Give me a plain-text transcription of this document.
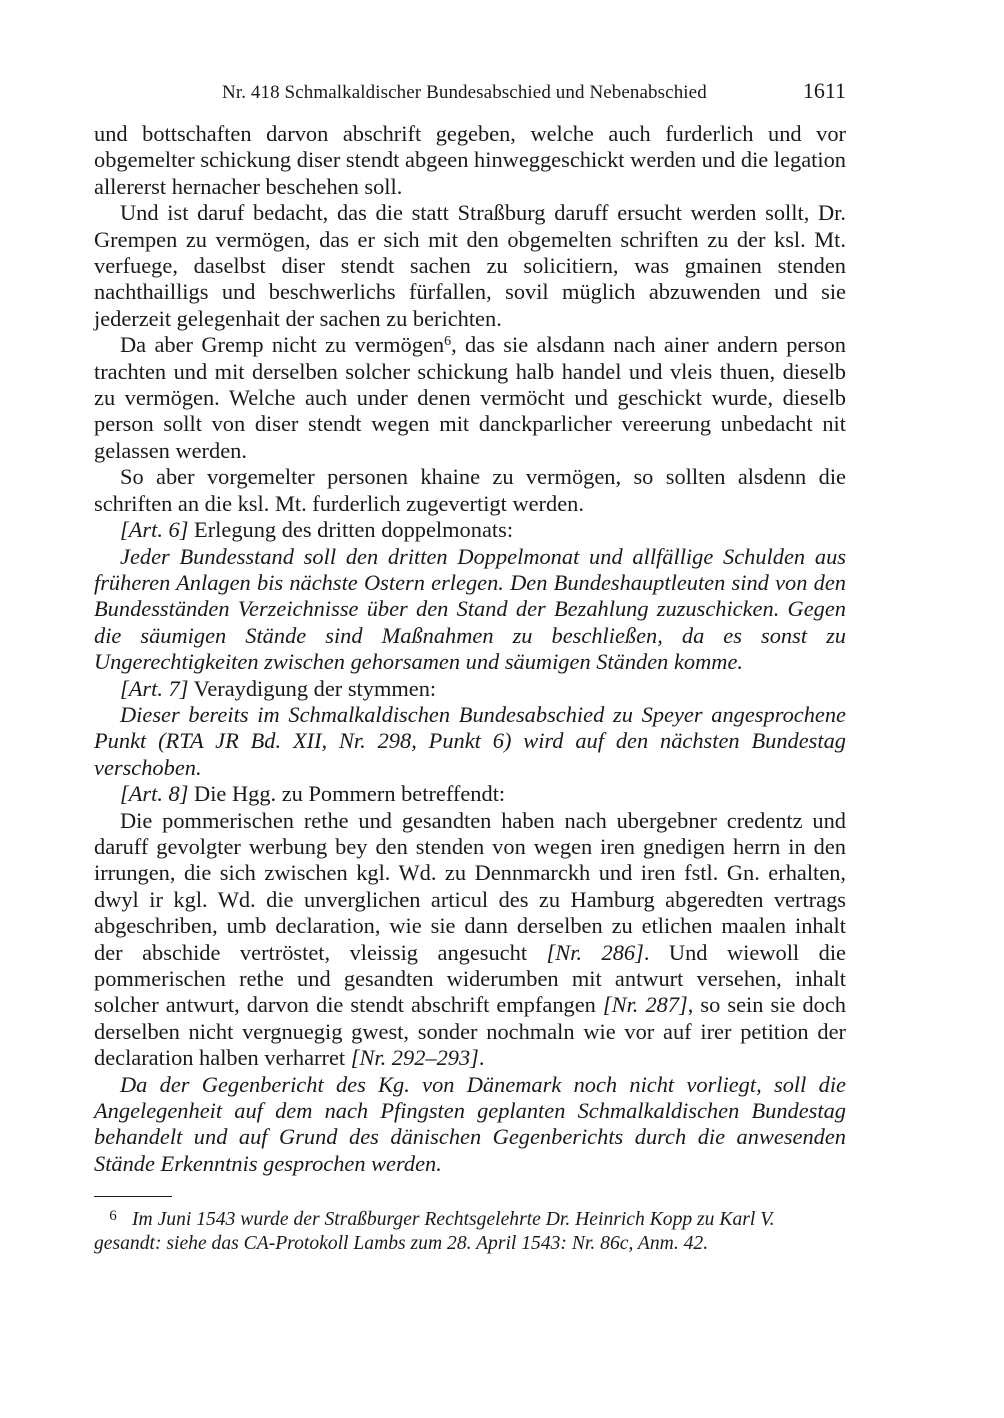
Nr. 418 Schmalkaldischer Bundesabschied und Nebenabschied	1611

und bottschaften darvon abschrift gegeben, welche auch furderlich und vor obgemelter schickung diser stendt abgeen hinweggeschickt werden und die legation allererst hernacher beschehen soll.

Und ist daruf bedacht, das die statt Straßburg daruff ersucht werden sollt, Dr. Grempen zu vermögen, das er sich mit den obgemelten schriften zu der ksl. Mt. verfuege, daselbst diser stendt sachen zu solicitiern, was gmainen stenden nachthailligs und beschwerlichs fürfallen, sovil müglich abzuwenden und sie jederzeit gelegenhait der sachen zu berichten.

Da aber Gremp nicht zu vermögen$^6$, das sie alsdann nach ainer andern person trachten und mit derselben solcher schickung halb handel und vleis thuen, dieselb zu vermögen. Welche auch under denen vermöcht und geschickt wurde, dieselb person sollt von diser stendt wegen mit danckparlicher vereerung unbedacht nit gelassen werden.

So aber vorgemelter personen khaine zu vermögen, so sollten alsdenn die schriften an die ksl. Mt. furderlich zugevertigt werden.

[Art. 6] Erlegung des dritten doppelmonats:

Jeder Bundesstand soll den dritten Doppelmonat und allfällige Schulden aus früheren Anlagen bis nächste Ostern erlegen. Den Bundeshauptleuten sind von den Bundesständen Verzeichnisse über den Stand der Bezahlung zuzuschicken. Gegen die säumigen Stände sind Maßnahmen zu beschließen, da es sonst zu Ungerechtigkeiten zwischen gehorsamen und säumigen Ständen komme.

[Art. 7] Veraydigung der stymmen:

Dieser bereits im Schmalkaldischen Bundesabschied zu Speyer angesprochene Punkt (RTA JR Bd. XII, Nr. 298, Punkt 6) wird auf den nächsten Bundestag verschoben.

[Art. 8] Die Hgg. zu Pommern betreffendt:

Die pommerischen rethe und gesandten haben nach ubergebner credentz und daruff gevolgter werbung bey den stenden von wegen iren gnedigen herrn in den irrungen, die sich zwischen kgl. Wd. zu Dennmarckh und iren fstl. Gn. erhalten, dwyl ir kgl. Wd. die unverglichen articul des zu Hamburg abgeredten vertrags abgeschriben, umb declaration, wie sie dann derselben zu etlichen maalen inhalt der abschide vertröstet, vleissig angesucht [Nr. 286]. Und wiewoll die pommerischen rethe und gesandten widerumben mit antwurt versehen, inhalt solcher antwurt, darvon die stendt abschrift empfangen [Nr. 287], so sein sie doch derselben nicht vergnuegig gwest, sonder nochmaln wie vor auf irer petition der declaration halben verharret [Nr. 292–293].

Da der Gegenbericht des Kg. von Dänemark noch nicht vorliegt, soll die Angelegenheit auf dem nach Pfingsten geplanten Schmalkaldischen Bundestag behandelt und auf Grund des dänischen Gegenberichts durch die anwesenden Stände Erkenntnis gesprochen werden.

6 Im Juni 1543 wurde der Straßburger Rechtsgelehrte Dr. Heinrich Kopp zu Karl V. gesandt: siehe das CA-Protokoll Lambs zum 28. April 1543: Nr. 86c, Anm. 42.
